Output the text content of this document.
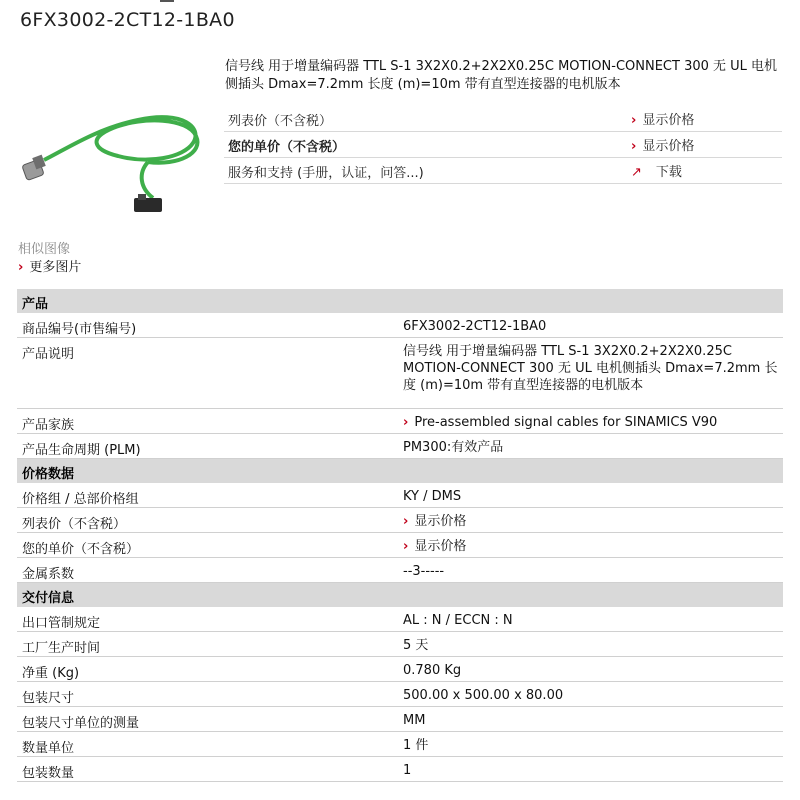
6FX3002-2CT12-1BA0
信号线 用于增量编码器 TTL S-1 3X2X0.2+2X2X0.25C MOTION-CONNECT 300 无 UL 电机侧插头 Dmax=7.2mm 长度 (m)=10m 带有直型连接器的电机版本
列表价（不含税）	› 显示价格
您的单价（不含税）	› 显示价格
服务和支持 (手册，认证，问答...)	↗ 下载
相似图像
› 更多图片
产品
商品编号(市售编号)	6FX3002-2CT12-1BA0
产品说明	信号线 用于增量编码器 TTL S-1 3X2X0.2+2X2X0.25C MOTION-CONNECT 300 无 UL 电机侧插头 Dmax=7.2mm 长度 (m)=10m 带有直型连接器的电机版本
产品家族	› Pre-assembled signal cables for SINAMICS V90
产品生命周期 (PLM)	PM300:有效产品
价格数据
价格组 / 总部价格组	KY / DMS
列表价（不含税）	› 显示价格
您的单价（不含税）	› 显示价格
金属系数	--3-----
交付信息
出口管制规定	AL : N / ECCN : N
工厂生产时间	5 天
净重 (Kg)	0.780 Kg
包装尺寸	500.00 x 500.00 x 80.00
包装尺寸单位的测量	MM
数量单位	1 件
包装数量	1
